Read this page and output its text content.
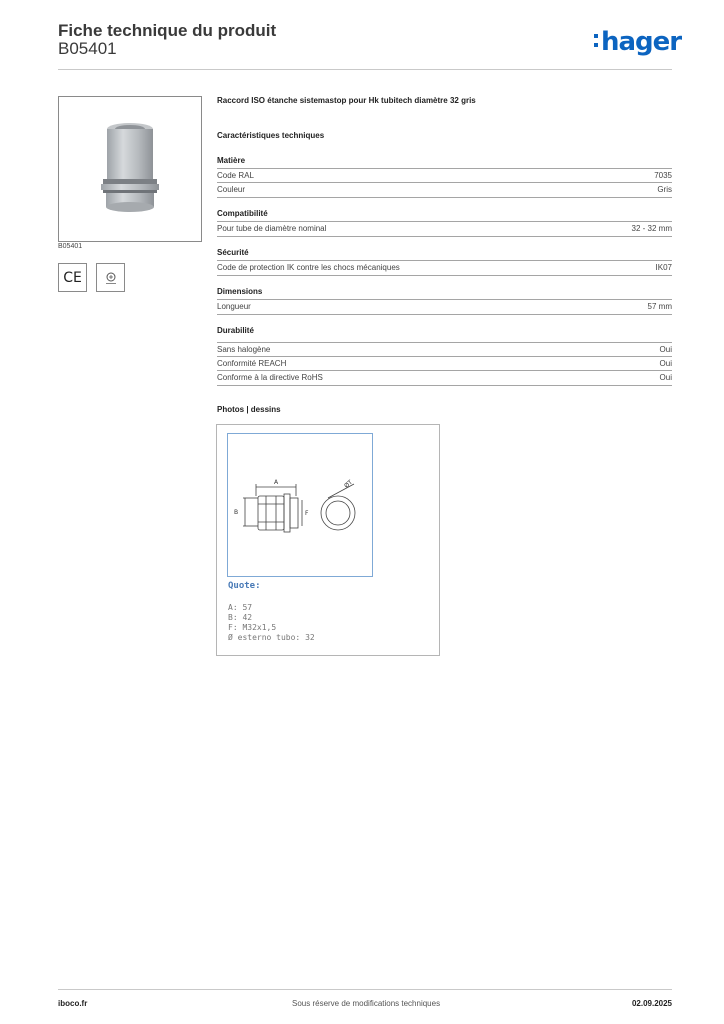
Fiche technique du produit
B05401	hager
B05401
CE
Raccord ISO étanche sistemastop pour Hk tubitech diamètre 32 gris
Caractéristiques techniques
Matière
Code RAL	7035
Couleur	Gris
Compatibilité
Pour tube de diamètre nominal	32 - 32 mm
Sécurité
Code de protection IK contre les chocs mécaniques	IK07
Dimensions
Longueur	57 mm
Durabilité
Sans halogène	Oui
Conformité REACH	Oui
Conforme à la directive RoHS	Oui
Photos | dessins
A
B	F
ØT
Quote:
A: 57
B: 42
F: M32x1,5
Ø esterno tubo: 32
iboco.fr	Sous réserve de modifications techniques	02.09.2025
